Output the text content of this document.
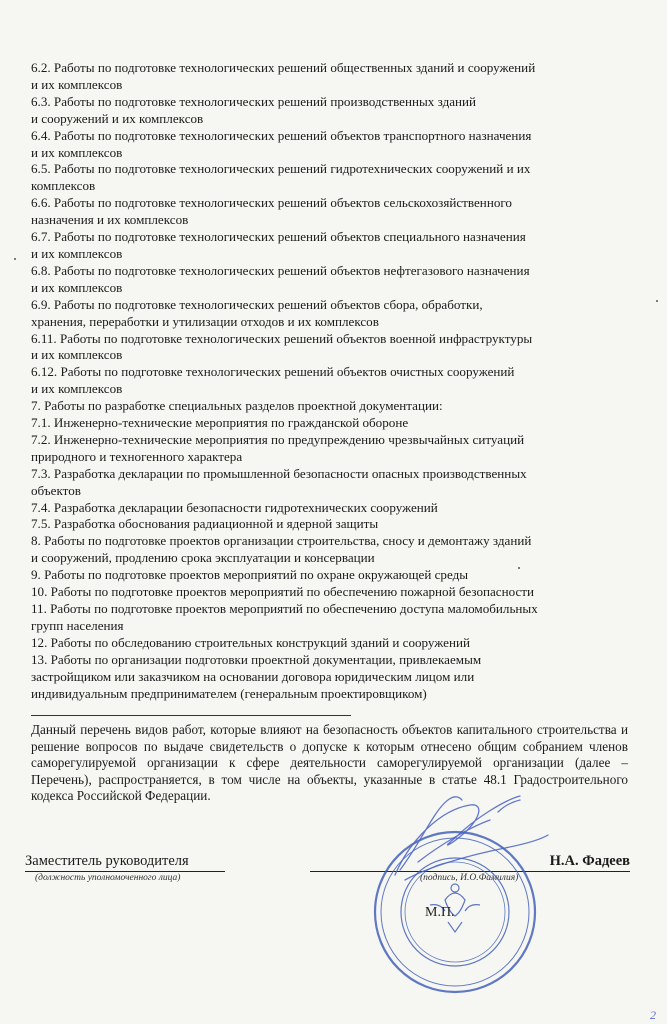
6.2. Работы по подготовке технологических решений общественных зданий и сооружений
и их комплексов
6.3. Работы по подготовке технологических решений производственных зданий
и сооружений и их комплексов
6.4. Работы по подготовке технологических решений объектов транспортного назначения
и их комплексов
6.5. Работы по подготовке технологических решений гидротехнических сооружений и их
комплексов
6.6. Работы по подготовке технологических решений объектов сельскохозяйственного
назначения и их комплексов
6.7. Работы по подготовке технологических решений объектов специального назначения
и их комплексов
6.8. Работы по подготовке технологических решений объектов нефтегазового назначения
и их комплексов
6.9. Работы по подготовке технологических решений объектов сбора, обработки,
хранения, переработки и утилизации отходов и их комплексов
6.11. Работы по подготовке технологических решений объектов военной инфраструктуры
и их комплексов
6.12. Работы по подготовке технологических решений объектов очистных сооружений
и их комплексов
7. Работы по разработке специальных разделов проектной документации:
7.1. Инженерно-технические мероприятия по гражданской обороне
7.2. Инженерно-технические мероприятия по предупреждению чрезвычайных ситуаций
природного и техногенного характера
7.3. Разработка декларации по промышленной безопасности опасных производственных
объектов
7.4. Разработка декларации безопасности гидротехнических сооружений
7.5. Разработка обоснования радиационной и ядерной защиты
8. Работы по подготовке проектов организации строительства, сносу и демонтажу зданий
и сооружений, продлению срока эксплуатации и консервации
9. Работы по подготовке проектов мероприятий по охране окружающей среды
10. Работы по подготовке проектов мероприятий по обеспечению пожарной безопасности
11. Работы по подготовке проектов мероприятий по обеспечению доступа маломобильных
групп населения
12. Работы по обследованию строительных конструкций зданий и сооружений
13. Работы по организации подготовки проектной документации, привлекаемым
застройщиком или заказчиком на основании договора юридическим лицом или
индивидуальным предпринимателем (генеральным проектировщиком)
Данный перечень видов работ, которые влияют на безопасность объектов капитального строительства и решение вопросов по выдаче свидетельств о допуске к которым отнесено общим собранием членов саморегулируемой организации к сфере деятельности саморегулируемой организации (далее – Перечень), распространяется, в том числе на объекты, указанные в статье 48.1 Градостроительного кодекса Российской Федерации.
Заместитель руководителя
(должность уполномоченного лица)	(подпись, И.О.Фамилия)
Н.А. Фадеев
2
М.П.
